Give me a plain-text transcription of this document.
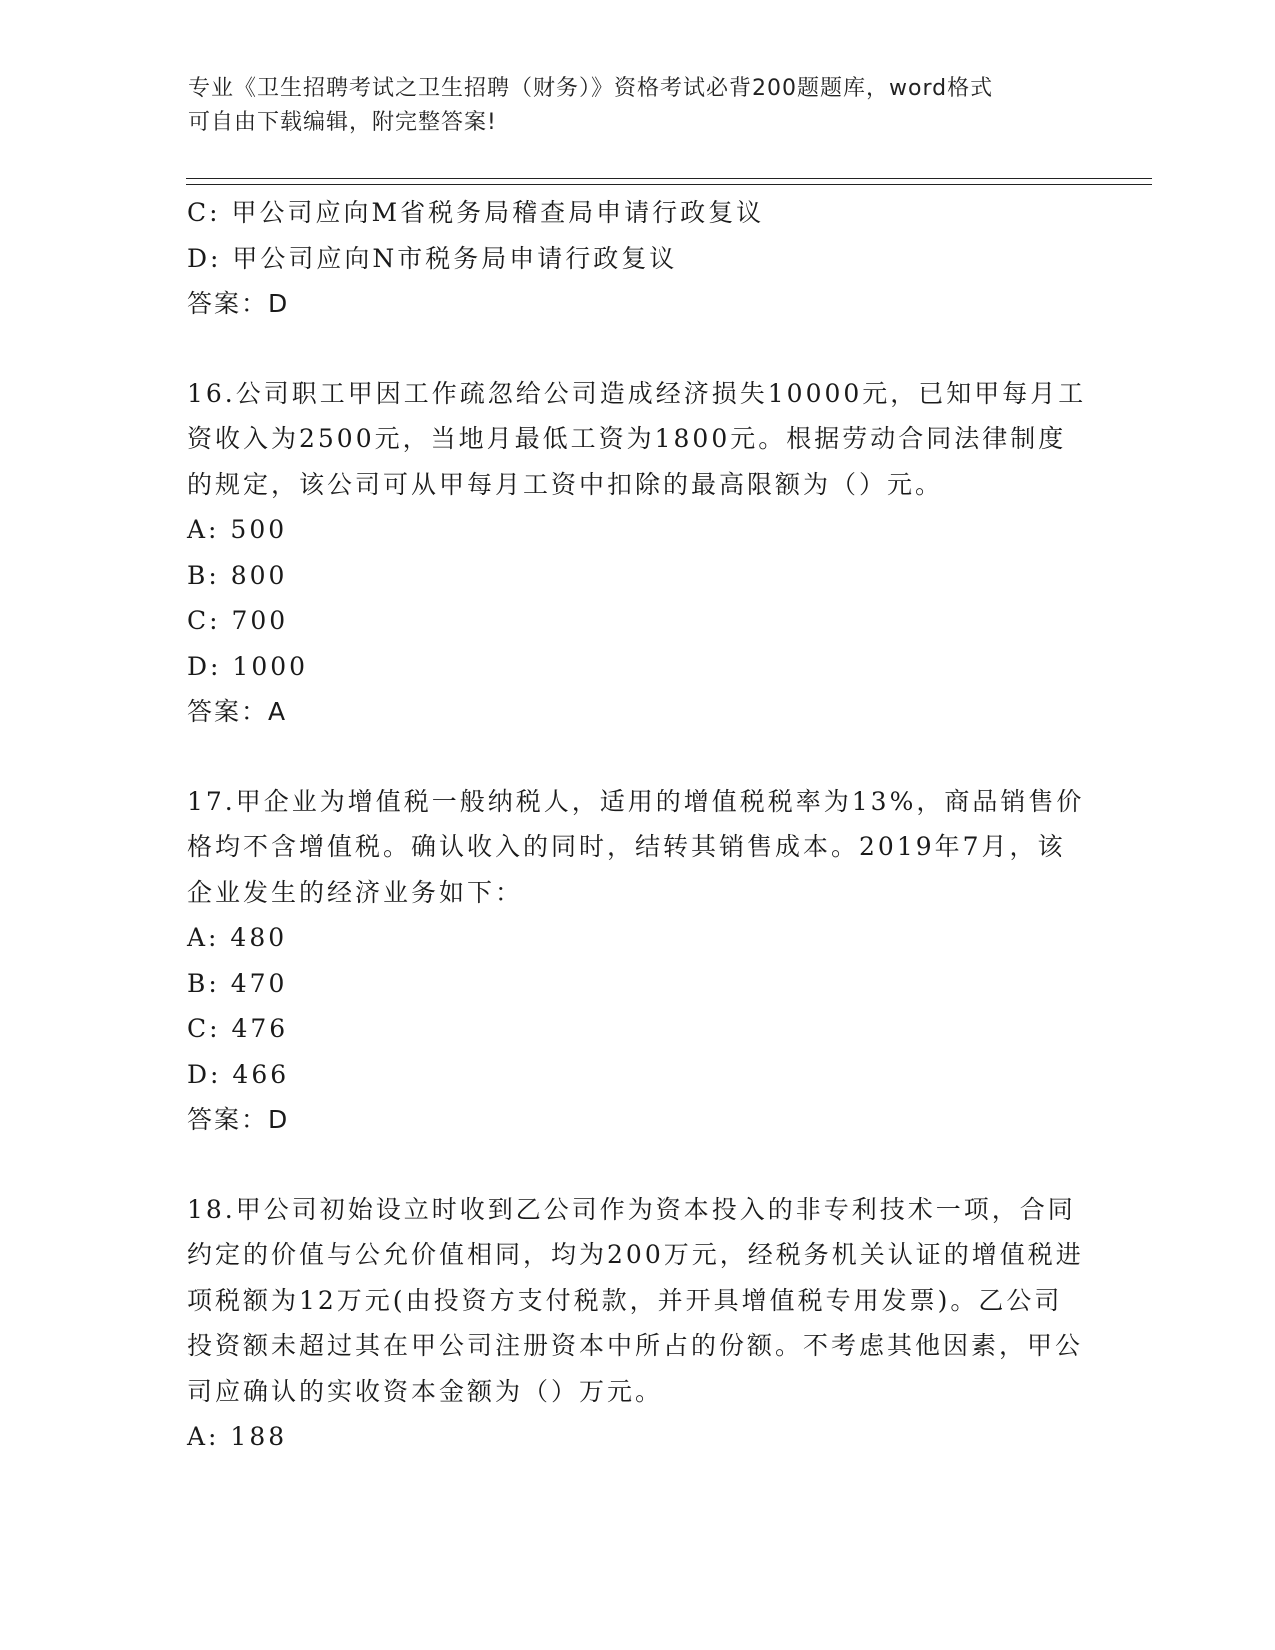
专业《卫生招聘考试之卫生招聘（财务）》资格考试必背200题题库，word格式
可自由下载编辑，附完整答案!
C: 甲公司应向M省税务局稽查局申请行政复议
D: 甲公司应向N市税务局申请行政复议
答案：D
16.公司职工甲因工作疏忽给公司造成经济损失10000元，已知甲每月工资收入为2500元，当地月最低工资为1800元。根据劳动合同法律制度的规定，该公司可从甲每月工资中扣除的最高限额为（）元。
A: 500
B: 800
C: 700
D: 1000
答案：A
17.甲企业为增值税一般纳税人，适用的增值税税率为13%，商品销售价格均不含增值税。确认收入的同时，结转其销售成本。2019年7月，该企业发生的经济业务如下：
A: 480
B: 470
C: 476
D: 466
答案：D
18.甲公司初始设立时收到乙公司作为资本投入的非专利技术一项，合同约定的价值与公允价值相同，均为200万元，经税务机关认证的增值税进项税额为12万元(由投资方支付税款，并开具增值税专用发票)。乙公司投资额未超过其在甲公司注册资本中所占的份额。不考虑其他因素，甲公司应确认的实收资本金额为（）万元。
A: 188
